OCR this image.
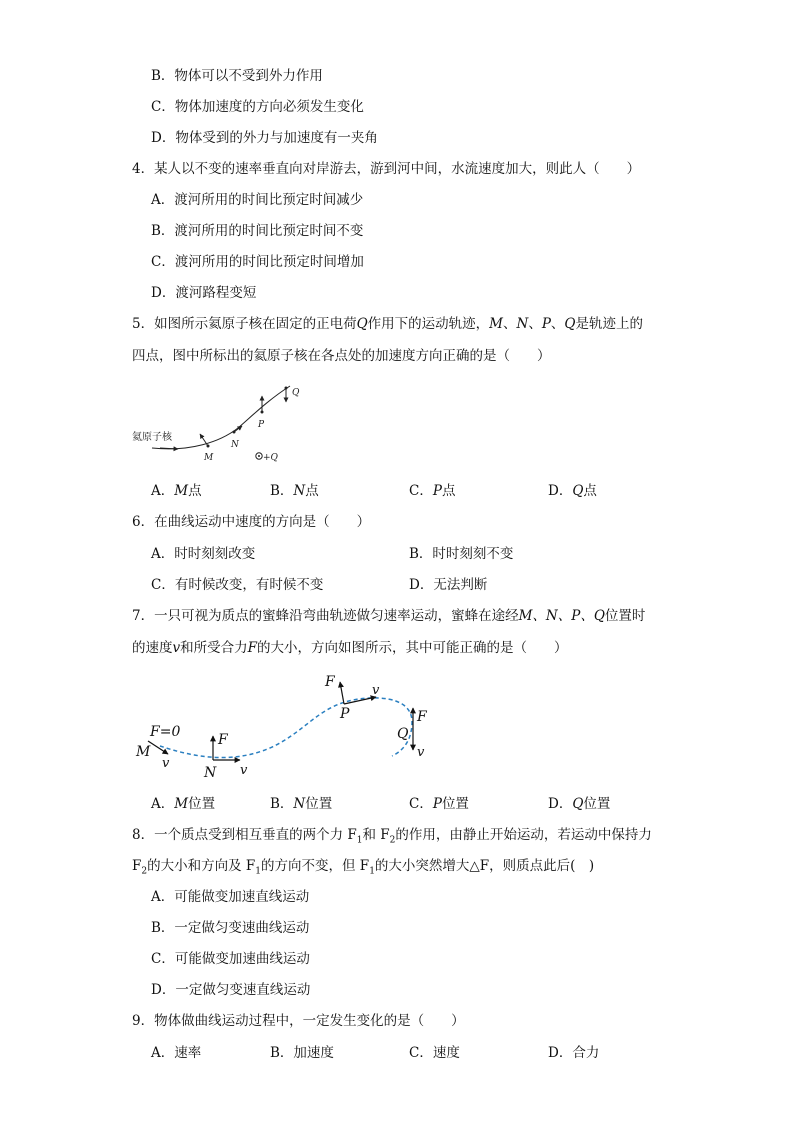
B．物体可以不受到外力作用
C．物体加速度的方向必须发生变化
D．物体受到的外力与加速度有一夹角
4．某人以不变的速率垂直向对岸游去，游到河中间，水流速度加大，则此人（　　）
A．渡河所用的时间比预定时间减少
B．渡河所用的时间比预定时间不变
C．渡河所用的时间比预定时间增加
D．渡河路程变短
5．如图所示氦原子核在固定的正电荷Q作用下的运动轨迹，M、N、P、Q是轨迹上的
四点，图中所标出的氦原子核在各点处的加速度方向正确的是（　　）
氦原子核
M
N
P
Q
+Q
A．M点	B．N点	C．P点	D．Q点
6．在曲线运动中速度的方向是（　　）
A．时时刻刻改变	B．时时刻刻不变
C．有时候改变，有时候不变	D．无法判断
7．一只可视为质点的蜜蜂沿弯曲轨迹做匀速率运动，蜜蜂在途经M、N、P、Q位置时
的速度v和所受合力F的大小，方向如图所示，其中可能正确的是（　　）
F=0
M
v
F
N v
F
v
P	F
Q
v
A．M位置	B．N位置	C．P位置	D．Q位置
8．一个质点受到相互垂直的两个力 $F_1$和 $F_2$的作用，由静止开始运动，若运动中保持力
$F_2$的大小和方向及 $F_1$的方向不变，但 $F_1$的大小突然增大△F，则质点此后(　)
A．可能做变加速直线运动
B．一定做匀变速曲线运动
C．可能做变加速曲线运动
D．一定做匀变速直线运动
9．物体做曲线运动过程中，一定发生变化的是（　　）
A．速率	B．加速度	C．速度	D．合力
